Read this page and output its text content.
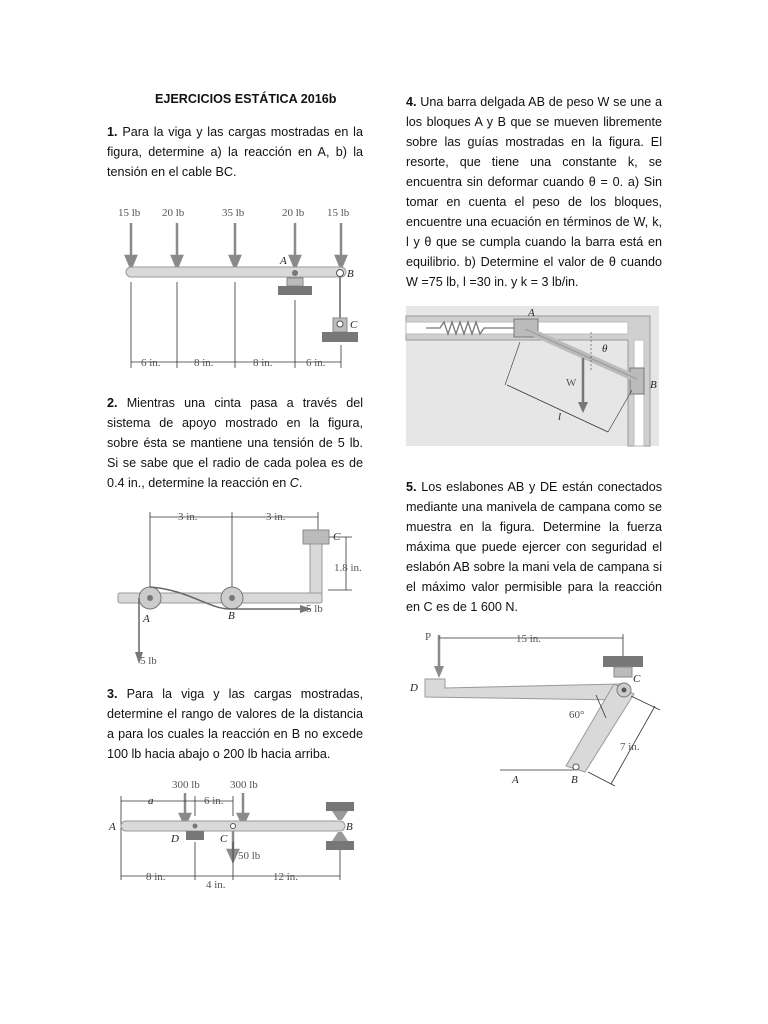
EJERCICIOS ESTÁTICA 2016b
1. Para la viga y las cargas mostradas en la figura, determine a) la reacción en A, b) la tensión en el cable BC.
15 lb 20 lb	35 lb	20 lb 15 lb
A
B
C
6 in.	8 in.	8 in.	6 in.
2. Mientras una cinta pasa a través del sistema de apoyo mostrado en la figura, sobre ésta se mantiene una tensión de 5 lb. Si se sabe que el radio de cada polea es de 0.4 in., determine la reacción en C.
3 in.	3 in.
1.8 in.
C
5 lb
5 lb
A	B
3. Para la viga y las cargas mostradas, determine el rango de valores de la distancia a para los cuales la reacción en B no excede 100 lb hacia abajo o 200 lb hacia arriba.
300 lb	300 lb
50 lb
a	6 in.
A
D	C
B
8 in.
4 in.
12 in.
4. Una barra delgada AB de peso W se une a los bloques A y B que se mueven libremente sobre las guías mostradas en la figura. El resorte, que tiene una constante k, se encuentra sin deformar cuando θ = 0. a) Sin tomar en cuenta el peso de los bloques, encuentre una ecuación en términos de W, k, l y θ que se cumpla cuando la barra está en equilibrio. b) Determine el valor de θ cuando W =75 lb, l =30 in. y k = 3 lb/in.
A
θ
W	B
l
5. Los eslabones AB y DE están conectados mediante una manivela de campana como se muestra en la figura. Determine la fuerza máxima que puede ejercer con seguridad el eslabón AB sobre la mani vela de campana si el máximo valor permisible para la reacción en C es de 1 600 N.
P	15 in.
C
D
60°
7 in.
A	B
